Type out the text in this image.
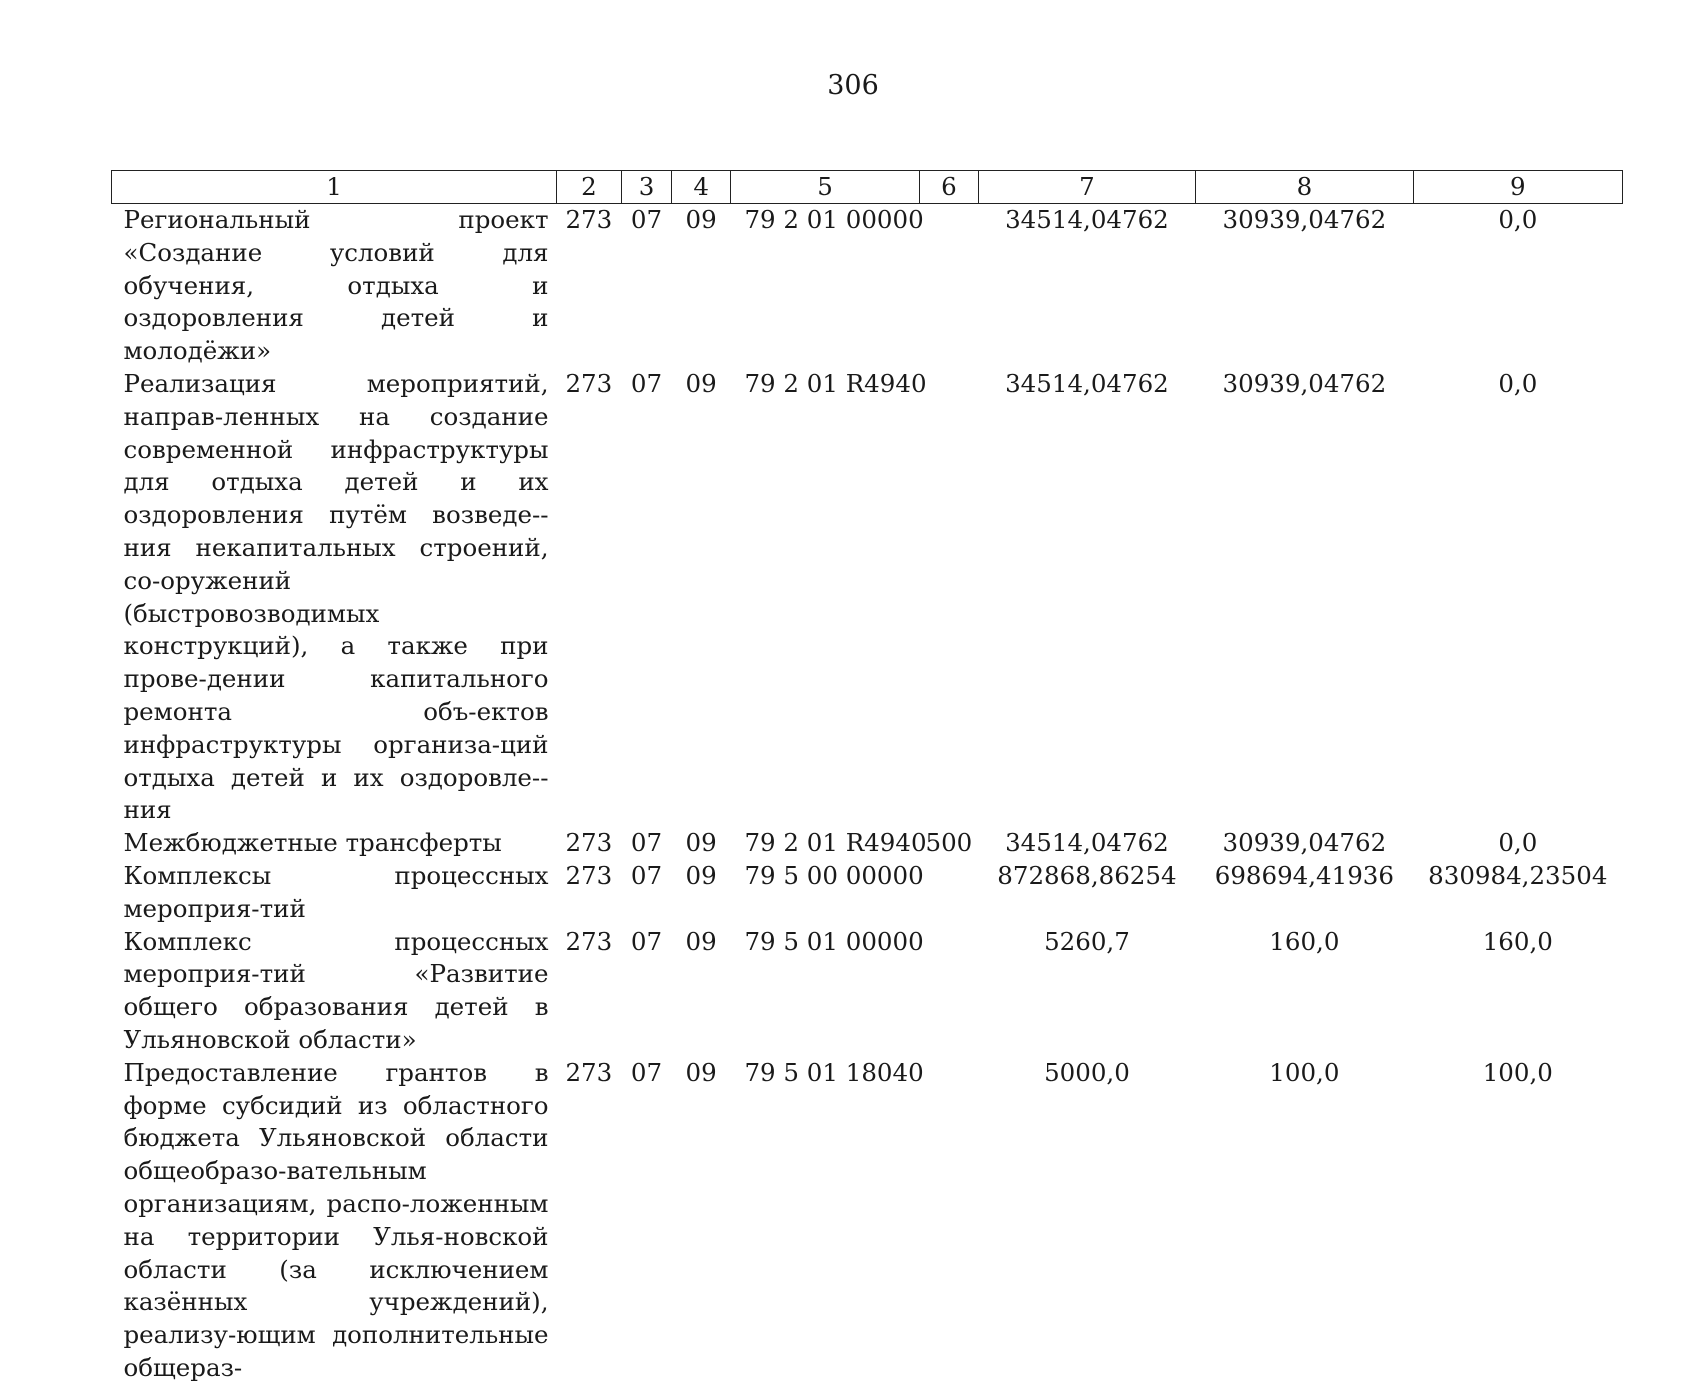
306
1	2	3	4	5	6	7	8	9
Региональный проект «Создание условий для обучения, отдыха и оздоровления детей и молодёжи»	273	07	09	79 2 01 00000		34514,04762	30939,04762	0,0
Реализация мероприятий, направ-ленных на создание современной инфраструктуры для отдыха детей и их оздоровления путём возведе-ния некапитальных строений, со-оружений (быстровозводимых конструкций), а также при прове-дении капитального ремонта объ-ектов инфраструктуры организа-ций отдыха детей и их оздоровле-ния	273	07	09	79 2 01 R4940		34514,04762	30939,04762	0,0
Межбюджетные трансферты	273	07	09	79 2 01 R4940	500	34514,04762	30939,04762	0,0
Комплексы процессных мероприя-тий	273	07	09	79 5 00 00000		872868,86254	698694,41936	830984,23504
Комплекс процессных мероприя-тий «Развитие общего образования детей в Ульяновской области»	273	07	09	79 5 01 00000		5260,7	160,0	160,0
Предоставление грантов в форме субсидий из областного бюджета Ульяновской области общеобразо-вательным организациям, распо-ложенным на территории Улья-новской области (за исключением казённых учреждений), реализу-ющим дополнительные общераз-	273	07	09	79 5 01 18040		5000,0	100,0	100,0
